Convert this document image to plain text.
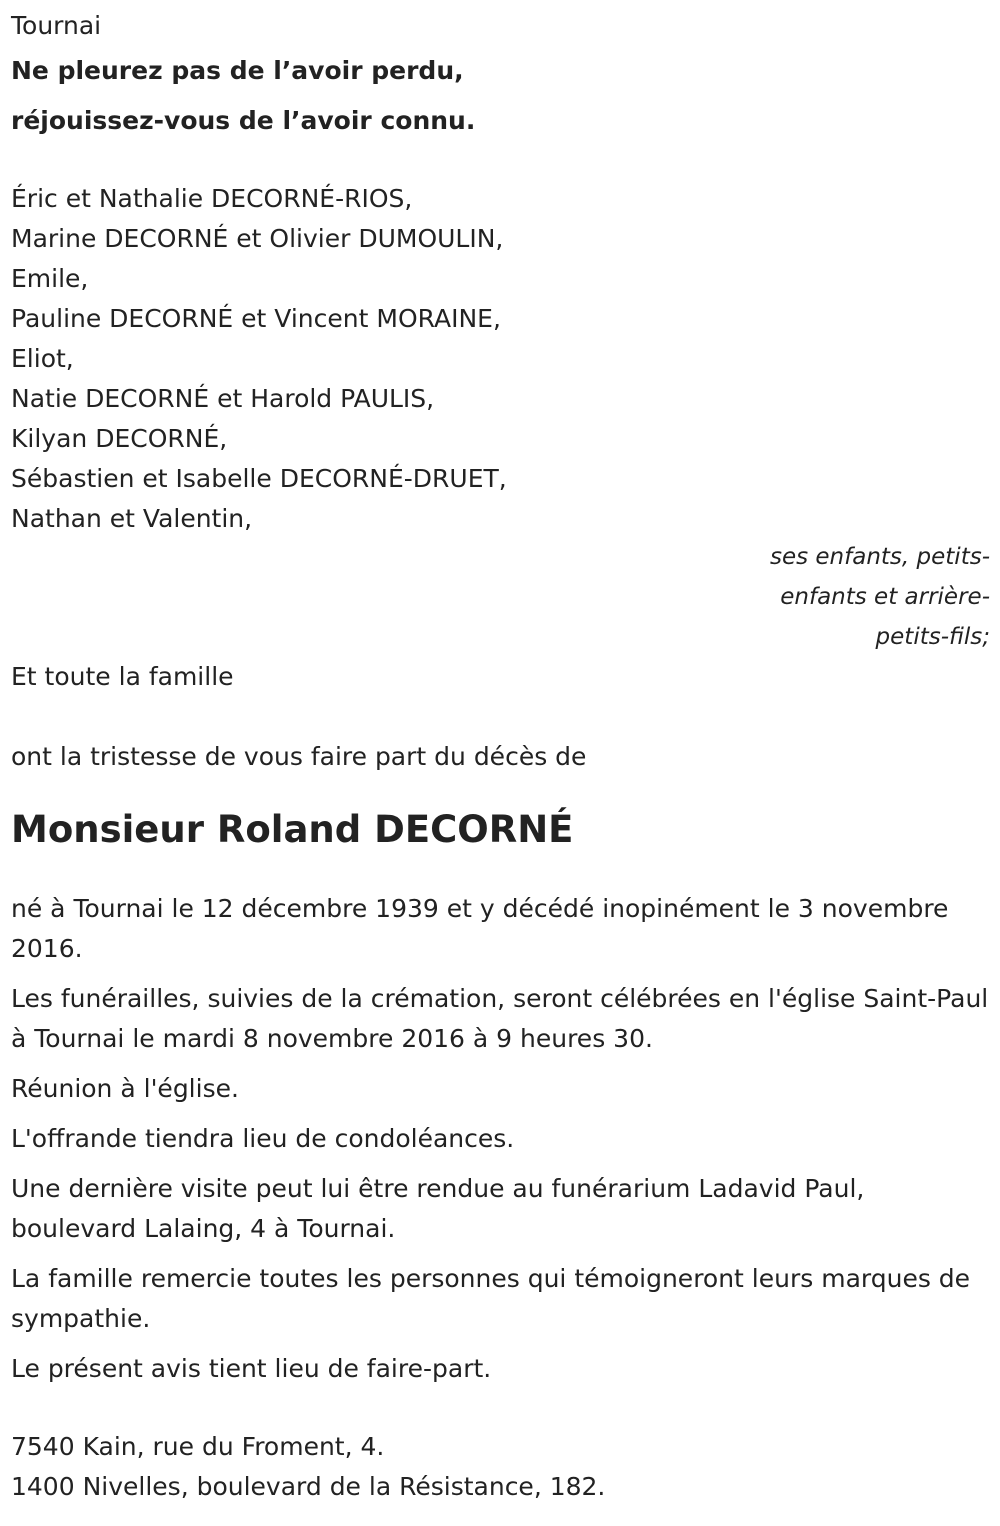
Tournai
Ne pleurez pas de l’avoir perdu,
réjouissez-vous de l’avoir connu.
Éric et Nathalie DECORNÉ-RIOS,
Marine DECORNÉ et Olivier DUMOULIN,
Emile,
Pauline DECORNÉ et Vincent MORAINE,
Eliot,
Natie DECORNÉ et Harold PAULIS,
Kilyan DECORNÉ,
Sébastien et Isabelle DECORNÉ-DRUET,
Nathan et Valentin,
ses enfants, petits-
enfants et arrière-
petits-fils;
Et toute la famille
ont la tristesse de vous faire part du décès de
Monsieur Roland DECORNÉ

né à Tournai le 12 décembre 1939 et y décédé inopinément le 3 novembre 2016.

Les funérailles, suivies de la crémation, seront célébrées en l'église Saint-Paul à Tournai le mardi 8 novembre 2016 à 9 heures 30.

Réunion à l'église.

L'offrande tiendra lieu de condoléances.

Une dernière visite peut lui être rendue au funérarium Ladavid Paul, boulevard Lalaing, 4 à Tournai.

La famille remercie toutes les personnes qui témoigneront leurs marques de sympathie.

Le présent avis tient lieu de faire-part.

7540 Kain, rue du Froment, 4.
1400 Nivelles, boulevard de la Résistance, 182.
